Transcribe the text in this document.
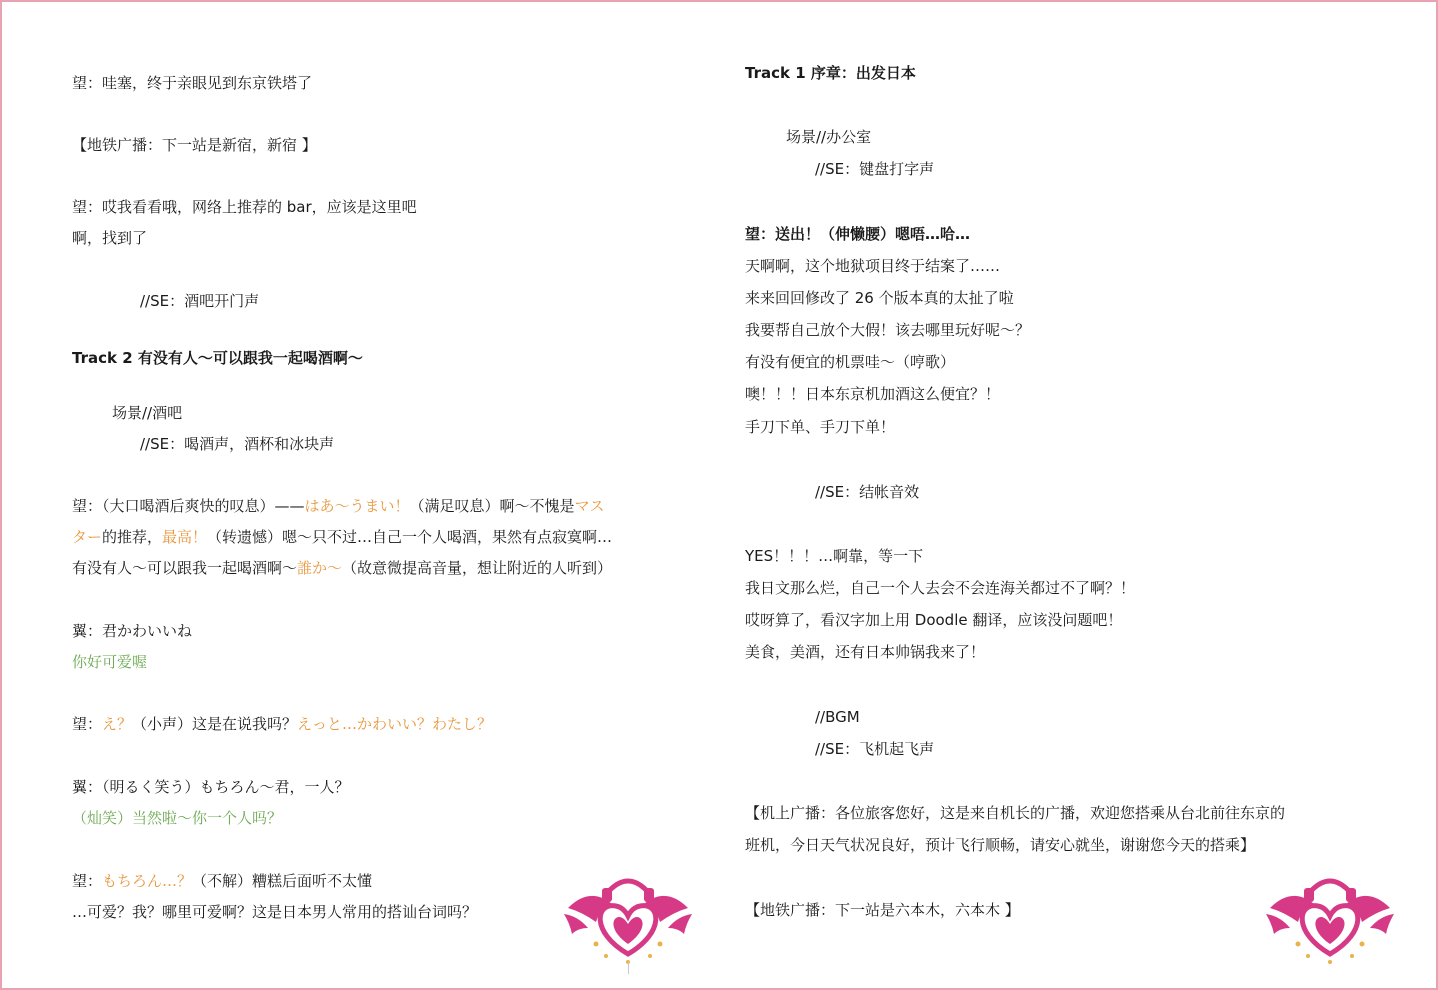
望：哇塞，终于亲眼见到东京铁塔了
【地铁广播：下一站是新宿，新宿 】
望：哎我看看哦，网络上推荐的 bar，应该是这里吧
啊，找到了
//SE：酒吧开门声
Track 2 有没有人～可以跟我一起喝酒啊～
场景//酒吧
//SE：喝酒声，酒杯和冰块声
望：（大口喝酒后爽快的叹息）——はあ～うまい！（满足叹息）啊～不愧是マス
ター的推荐，最高！（转遗憾）嗯～只不过…自己一个人喝酒，果然有点寂寞啊…
有没有人～可以跟我一起喝酒啊～誰か～（故意微提高音量，想让附近的人听到）
翼：君かわいいね
你好可爱喔
望：え？（小声）这是在说我吗？えっと…かわいい？わたし？
翼：（明るく笑う）もちろん～君，一人？
（灿笑）当然啦～你一个人吗？
望：もちろん…？（不解）糟糕后面听不太懂
…可爱？我？哪里可爱啊？这是日本男人常用的搭讪台词吗？
Track 1 序章：出发日本
场景//办公室
//SE：键盘打字声
望：送出！（伸懒腰）嗯唔…哈…
天啊啊，这个地狱项目终于结案了……
来来回回修改了 26 个版本真的太扯了啦
我要帮自己放个大假！该去哪里玩好呢～？
有没有便宜的机票哇～（哼歌）
噢！！！日本东京机加酒这么便宜？！
手刀下单、手刀下单！
//SE：结帐音效
YES！！！…啊靠，等一下
我日文那么烂，自己一个人去会不会连海关都过不了啊？！
哎呀算了，看汉字加上用 Doodle 翻译，应该没问题吧！
美食，美酒，还有日本帅锅我来了！
//BGM
//SE：飞机起飞声
【机上广播：各位旅客您好，这是来自机长的广播，欢迎您搭乘从台北前往东京的
班机，今日天气状况良好，预计飞行顺畅，请安心就坐，谢谢您今天的搭乘】
【地铁广播：下一站是六本木，六本木 】
